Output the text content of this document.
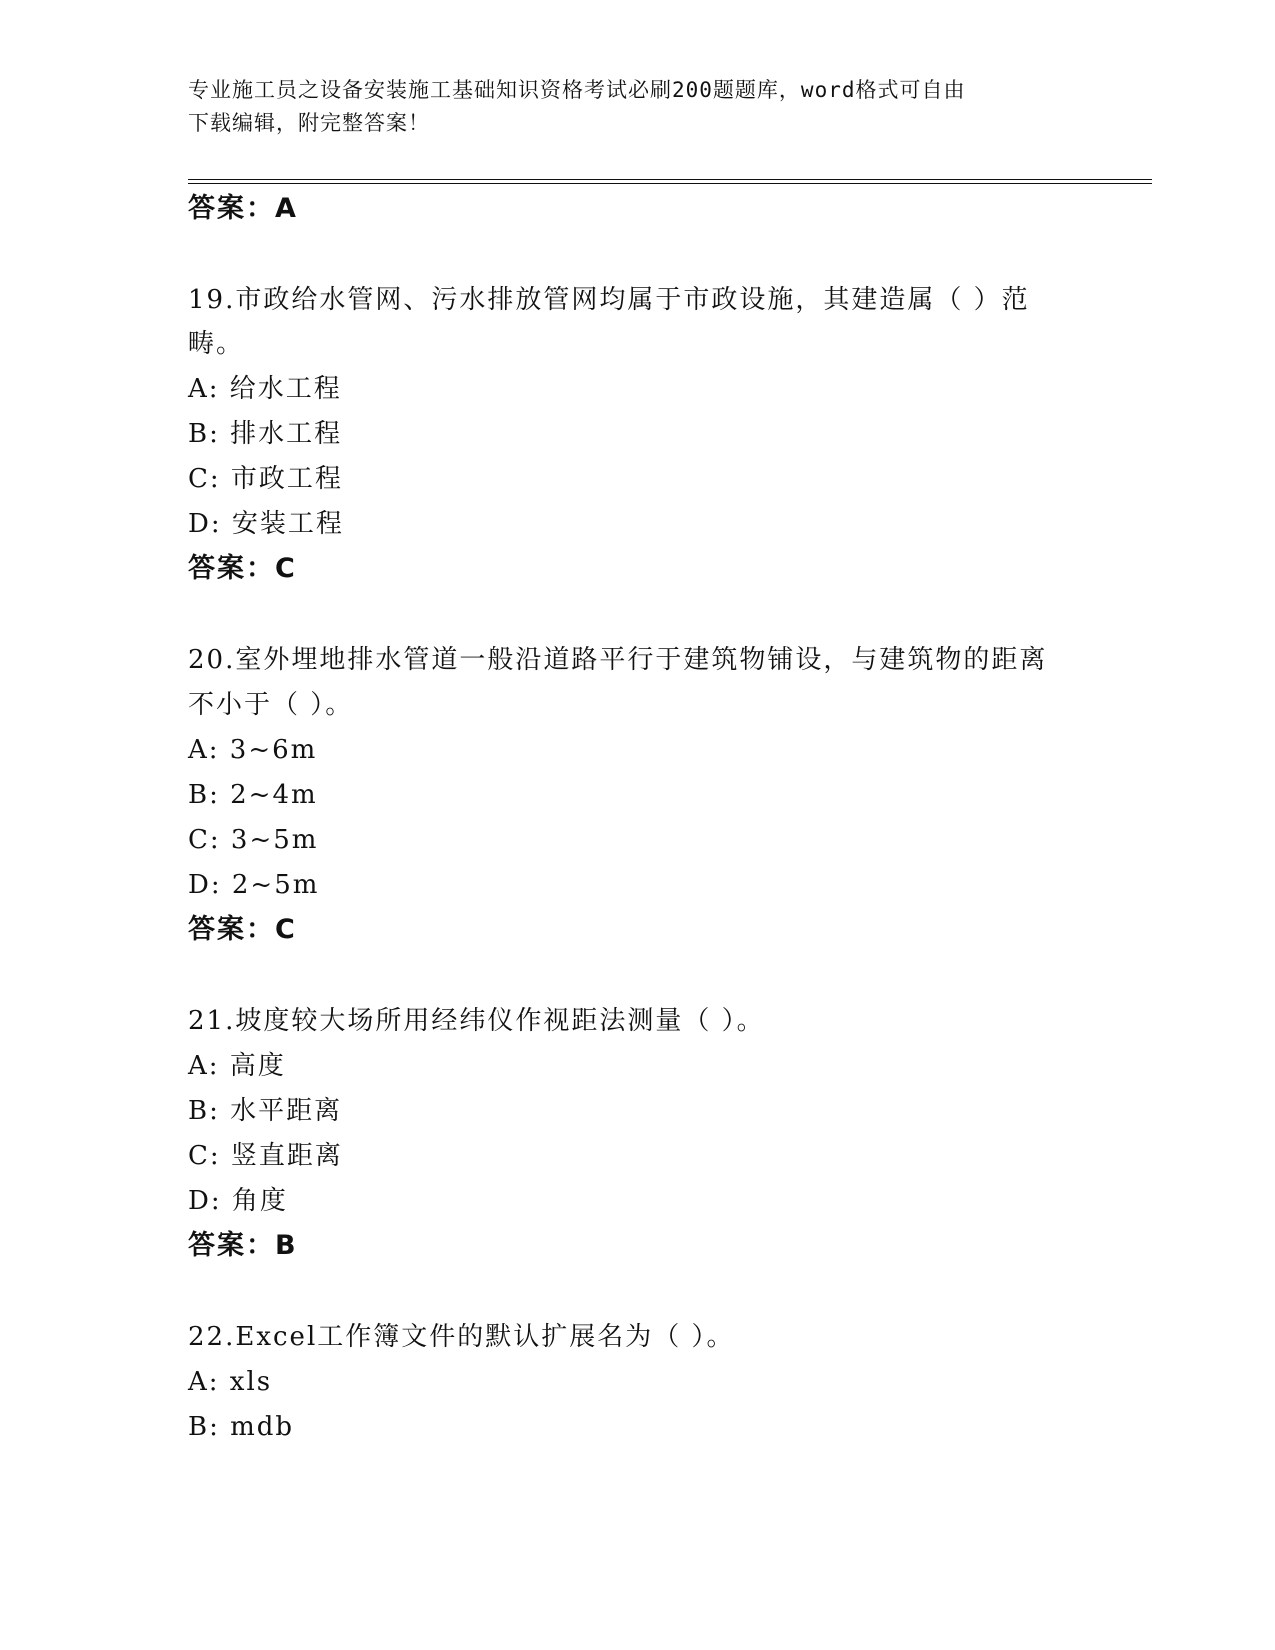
专业施工员之设备安装施工基础知识资格考试必刷200题题库，word格式可自由
下载编辑，附完整答案！
答案：A
19.市政给水管网、污水排放管网均属于市政设施，其建造属（ ）范
畴。
A: 给水工程
B: 排水工程
C: 市政工程
D: 安装工程
答案：C
20.室外埋地排水管道一般沿道路平行于建筑物铺设，与建筑物的距离
不小于（ ）。
A: 3~6m
B: 2~4m
C: 3~5m
D: 2~5m
答案：C
21.坡度较大场所用经纬仪作视距法测量（ ）。
A: 高度
B: 水平距离
C: 竖直距离
D: 角度
答案：B
22.Excel工作簿文件的默认扩展名为（ ）。
A: xls
B: mdb
